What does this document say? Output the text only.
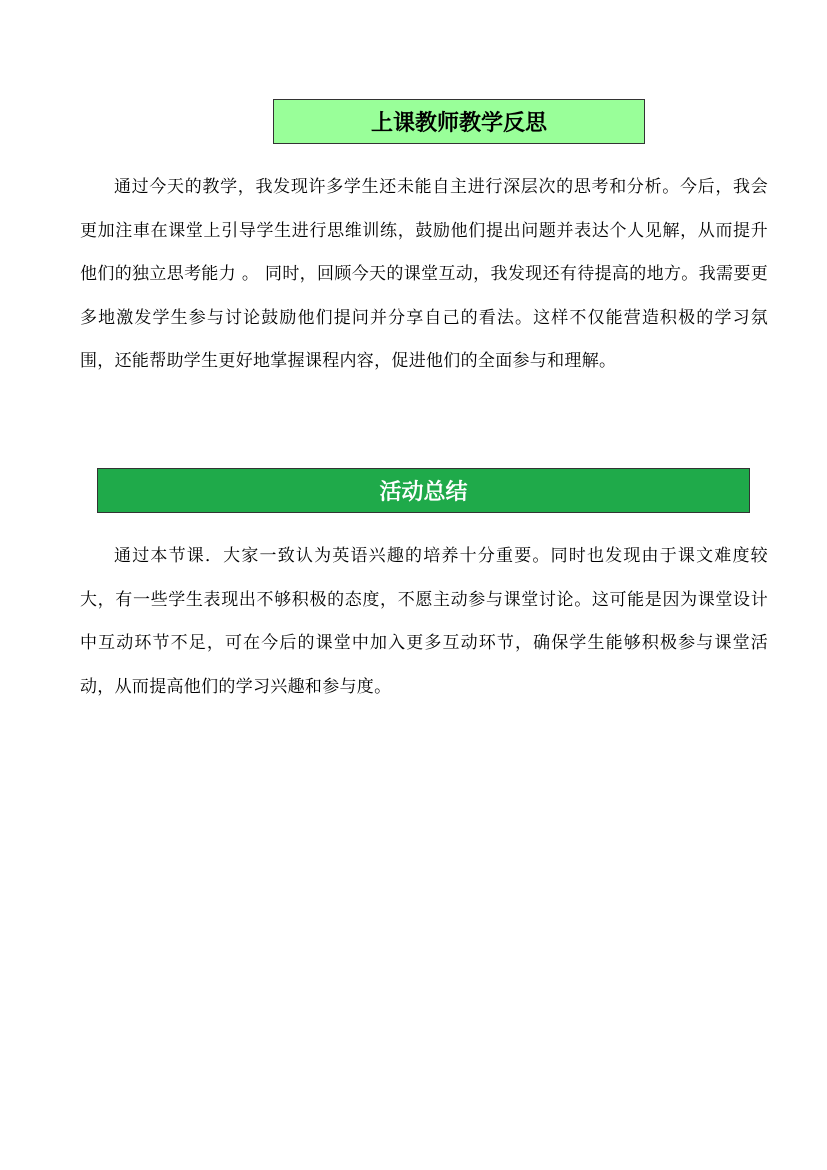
上课教师教学反思

通过今天的教学，我发现许多学生还未能自主进行深层次的思考和分析。今后，我会更加注車在课堂上引导学生进行思维训练，鼓励他们提出问题并表达个人见解，从而提升他们的独立思考能力 。 同时，回顾今天的课堂互动，我发现还有待提高的地方。我需要更多地激发学生参与讨论鼓励他们提问并分享自己的看法。这样不仅能营造积极的学习氛围，还能帮助学生更好地掌握课程内容，促进他们的全面参与和理解。

活动总结

通过本节课．大家一致认为英语兴趣的培养十分重要。同时也发现由于课文难度较大，有一些学生表现出不够积极的态度，不愿主动参与课堂讨论。这可能是因为课堂设计中互动环节不足，可在今后的课堂中加入更多互动环节，确保学生能够积极参与课堂活动，从而提高他们的学习兴趣和参与度。
